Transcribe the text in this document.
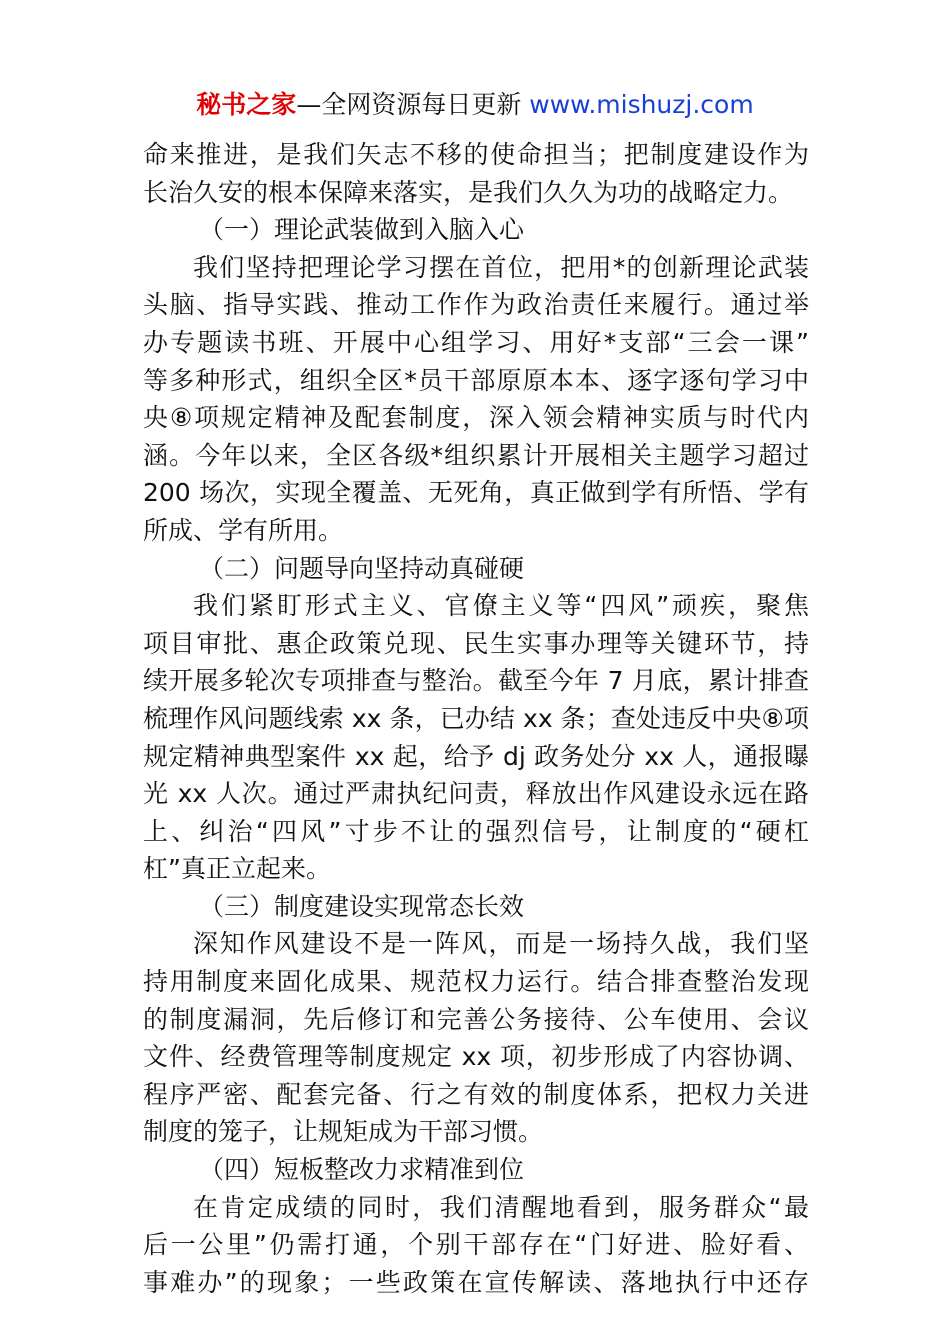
秘书之家—全网资源每日更新 www.mishuzj.com
命来推进，是我们矢志不移的使命担当；把制度建设作为
长治久安的根本保障来落实，是我们久久为功的战略定力。
（一）理论武装做到入脑入心
我们坚持把理论学习摆在首位，把用*的创新理论武装
头脑、指导实践、推动工作作为政治责任来履行。通过举
办专题读书班、开展中心组学习、用好*支部“三会一课”
等多种形式，组织全区*员干部原原本本、逐字逐句学习中
央⑧项规定精神及配套制度，深入领会精神实质与时代内
涵。今年以来，全区各级*组织累计开展相关主题学习超过
200 场次，实现全覆盖、无死角，真正做到学有所悟、学有
所成、学有所用。
（二）问题导向坚持动真碰硬
我们紧盯形式主义、官僚主义等“四风”顽疾，聚焦
项目审批、惠企政策兑现、民生实事办理等关键环节，持
续开展多轮次专项排查与整治。截至今年 7 月底，累计排查
梳理作风问题线索 xx 条，已办结 xx 条；查处违反中央⑧项
规定精神典型案件 xx 起，给予 dj 政务处分 xx 人，通报曝
光 xx 人次。通过严肃执纪问责，释放出作风建设永远在路
上、纠治“四风”寸步不让的强烈信号，让制度的“硬杠
杠”真正立起来。
（三）制度建设实现常态长效
深知作风建设不是一阵风，而是一场持久战，我们坚
持用制度来固化成果、规范权力运行。结合排查整治发现
的制度漏洞，先后修订和完善公务接待、公车使用、会议
文件、经费管理等制度规定 xx 项，初步形成了内容协调、
程序严密、配套完备、行之有效的制度体系，把权力关进
制度的笼子，让规矩成为干部习惯。
（四）短板整改力求精准到位
在肯定成绩的同时，我们清醒地看到，服务群众“最
后一公里”仍需打通，个别干部存在“门好进、脸好看、
事难办”的现象；一些政策在宣传解读、落地执行中还存
